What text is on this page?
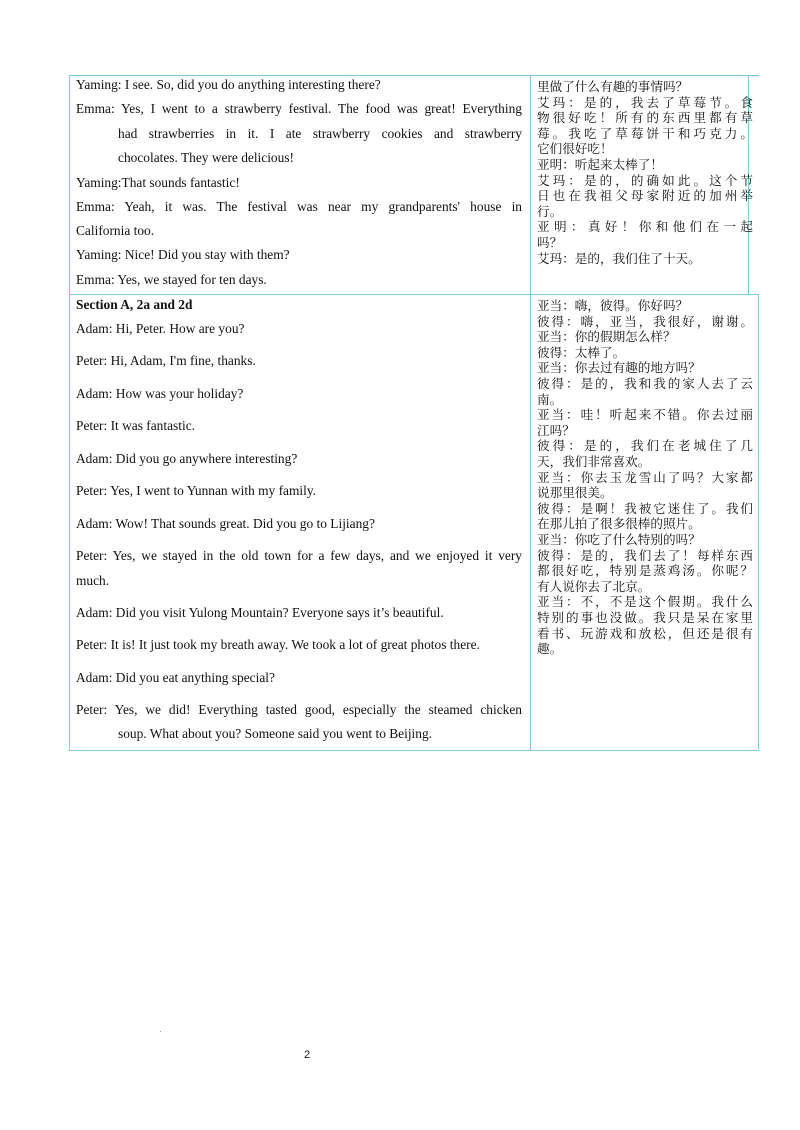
Yaming: I see. So, did you do anything interesting there?
Emma: Yes, I went to a strawberry festival. The food was great! Everything
had strawberries in it. I ate strawberry cookies and strawberry
chocolates. They were delicious!
Yaming:That sounds fantastic!
Emma: Yeah, it was. The festival was near my grandparents' house in
California too.
Yaming: Nice! Did you stay with them?
Emma: Yes, we stayed for ten days.
里做了什么有趣的事情吗？
艾玛：是的，我去了草莓节。食
物很好吃！所有的东西里都有草
莓。我吃了草莓饼干和巧克力。
它们很好吃！
亚明：听起来太棒了！
艾玛：是的，的确如此。这个节
日也在我祖父母家附近的加州举
行。
亚明：真好！你和他们在一起
吗？
艾玛：是的，我们住了十天。
Section A, 2a and 2d
Adam: Hi, Peter. How are you?
Peter: Hi, Adam, I'm fine, thanks.
Adam: How was your holiday?
Peter: It was fantastic.
Adam: Did you go anywhere interesting?
Peter: Yes, I went to Yunnan with my family.
Adam: Wow! That sounds great. Did you go to Lijiang?
Peter: Yes, we stayed in the old town for a few days, and we enjoyed it very
much.
Adam: Did you visit Yulong Mountain? Everyone says it’s beautiful.
Peter: It is! It just took my breath away. We took a lot of great photos there.
Adam: Did you eat anything special?
Peter: Yes, we did! Everything tasted good, especially the steamed chicken
soup. What about you? Someone said you went to Beijing.
亚当：嗨，彼得。你好吗？
彼得：嗨，亚当，我很好，谢谢。
亚当：你的假期怎么样？
彼得：太棒了。
亚当：你去过有趣的地方吗？
彼得：是的，我和我的家人去了云
南。
亚当：哇！听起来不错。你去过丽
江吗？
彼得：是的，我们在老城住了几
天，我们非常喜欢。
亚当：你去玉龙雪山了吗？大家都
说那里很美。
彼得：是啊！我被它迷住了。我们
在那儿拍了很多很棒的照片。
亚当：你吃了什么特别的吗？
彼得：是的，我们去了！每样东西
都很好吃，特别是蒸鸡汤。你呢？
有人说你去了北京。
亚当：不，不是这个假期。我什么
特别的事也没做。我只是呆在家里
看书、玩游戏和放松，但还是很有
趣。
2
